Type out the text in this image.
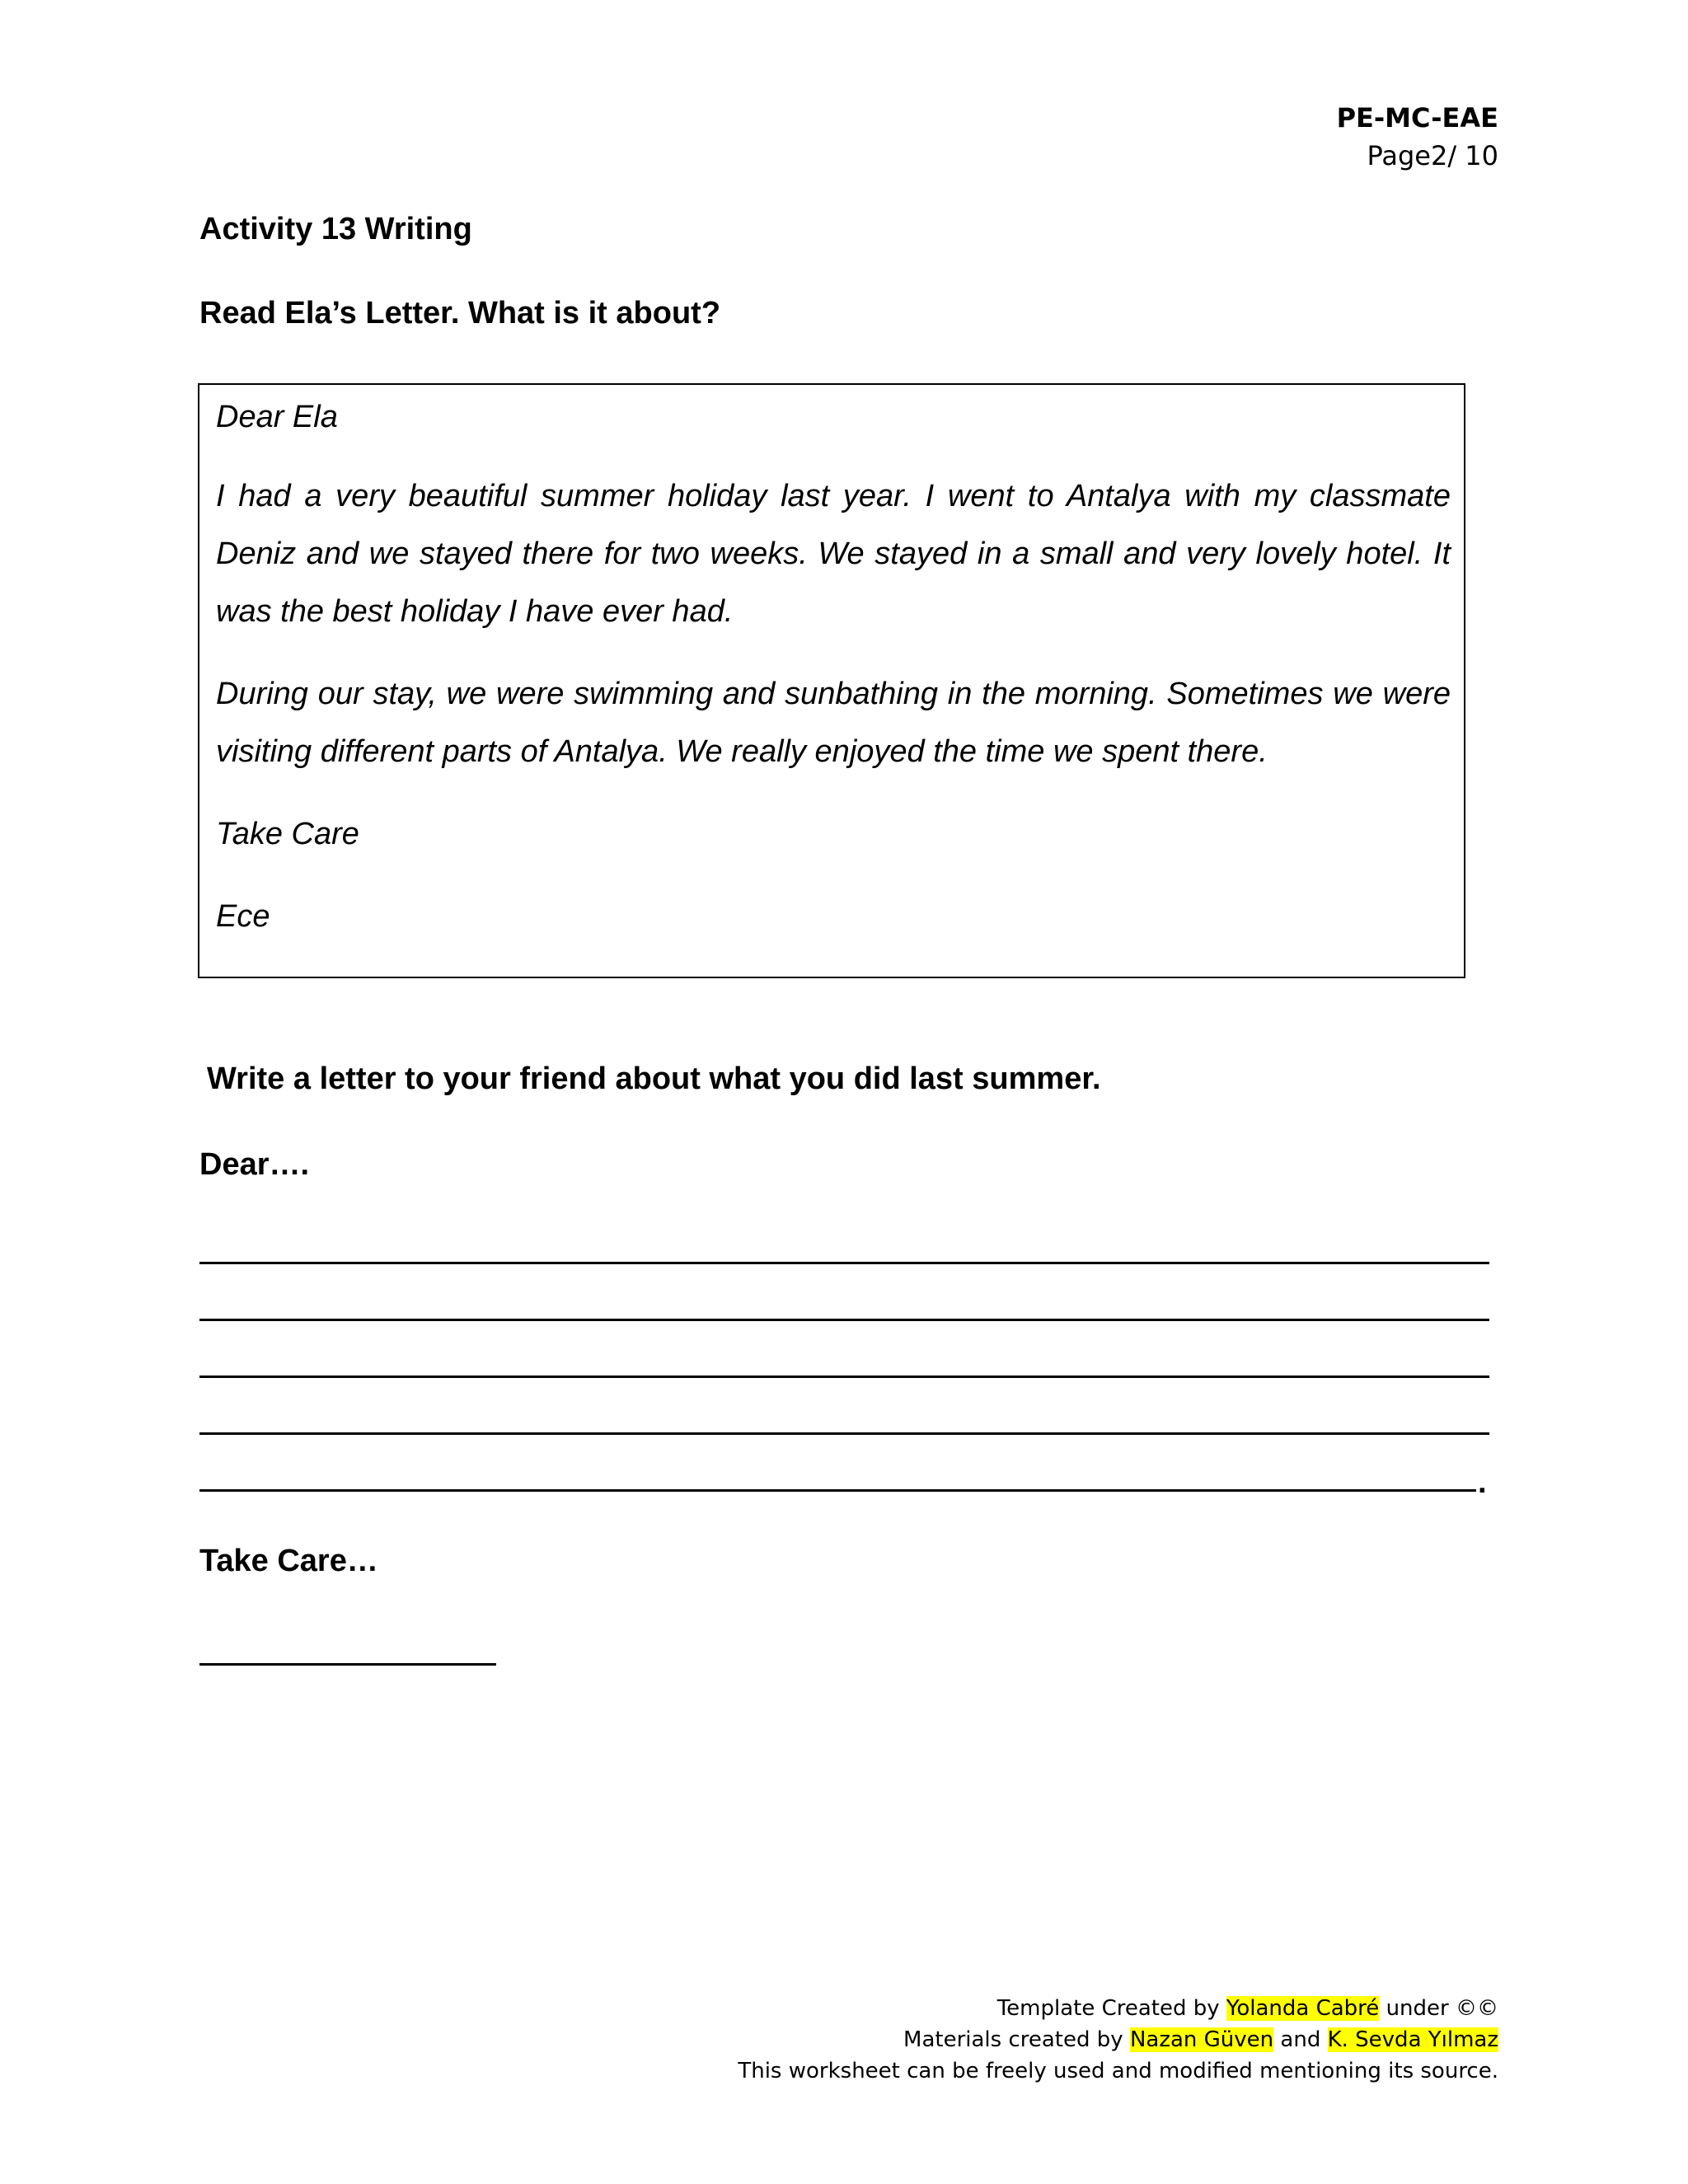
PE-MC-EAE
Page2/ 10
Activity 13 Writing
Read Ela’s Letter. What is it about?

Dear Ela

I had a very beautiful summer holiday last year. I went to Antalya with my classmate Deniz and we stayed there for two weeks. We stayed in a small and very lovely hotel. It was the best holiday I have ever had.

During our stay, we were swimming and sunbathing in the morning. Sometimes we were visiting different parts of Antalya. We really enjoyed the time we spent there.

Take Care

Ece

Write a letter to your friend about what you did last summer.
Dear….
.
Take Care…
Template Created by Yolanda Cabré under ©©
Materials created by Nazan Güven and K. Sevda Yılmaz
This worksheet can be freely used and modified mentioning its source.
